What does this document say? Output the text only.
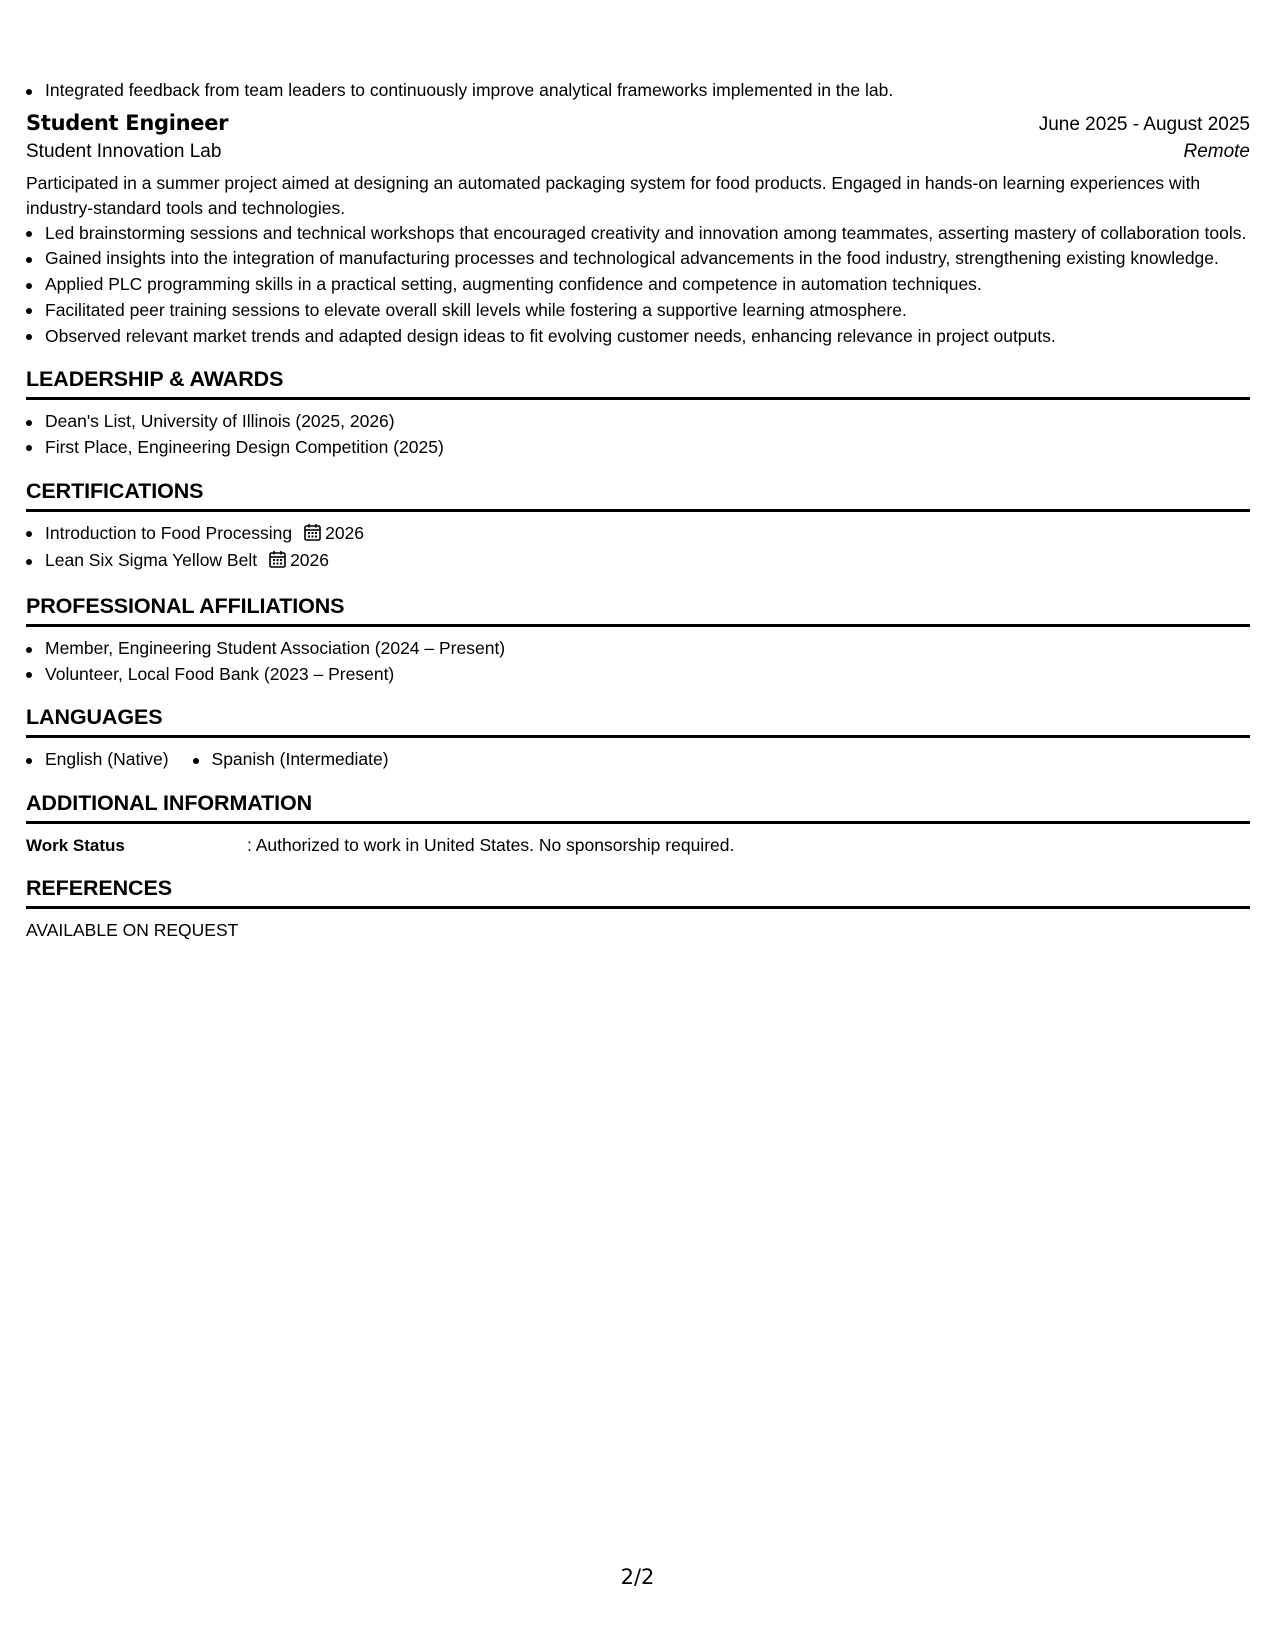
Integrated feedback from team leaders to continuously improve analytical frameworks implemented in the lab.
Student Engineer	June 2025 - August 2025
Student Innovation Lab	Remote

Participated in a summer project aimed at designing an automated packaging system for food products. Engaged in hands-on learning experiences with industry-standard tools and technologies.

Led brainstorming sessions and technical workshops that encouraged creativity and innovation among teammates, asserting mastery of collaboration tools.
Gained insights into the integration of manufacturing processes and technological advancements in the food industry, strengthening existing knowledge.
Applied PLC programming skills in a practical setting, augmenting confidence and competence in automation techniques.
Facilitated peer training sessions to elevate overall skill levels while fostering a supportive learning atmosphere.
Observed relevant market trends and adapted design ideas to fit evolving customer needs, enhancing relevance in project outputs.
LEADERSHIP & AWARDS
Dean's List, University of Illinois (2025, 2026)
First Place, Engineering Design Competition (2025)
CERTIFICATIONS
Introduction to Food Processing 2026
Lean Six Sigma Yellow Belt 2026
PROFESSIONAL AFFILIATIONS
Member, Engineering Student Association (2024 – Present)
Volunteer, Local Food Bank (2023 – Present)
LANGUAGES
English (Native)	Spanish (Intermediate)
ADDITIONAL INFORMATION
Work Status	: Authorized to work in United States. No sponsorship required.
REFERENCES
AVAILABLE ON REQUEST
2/2
